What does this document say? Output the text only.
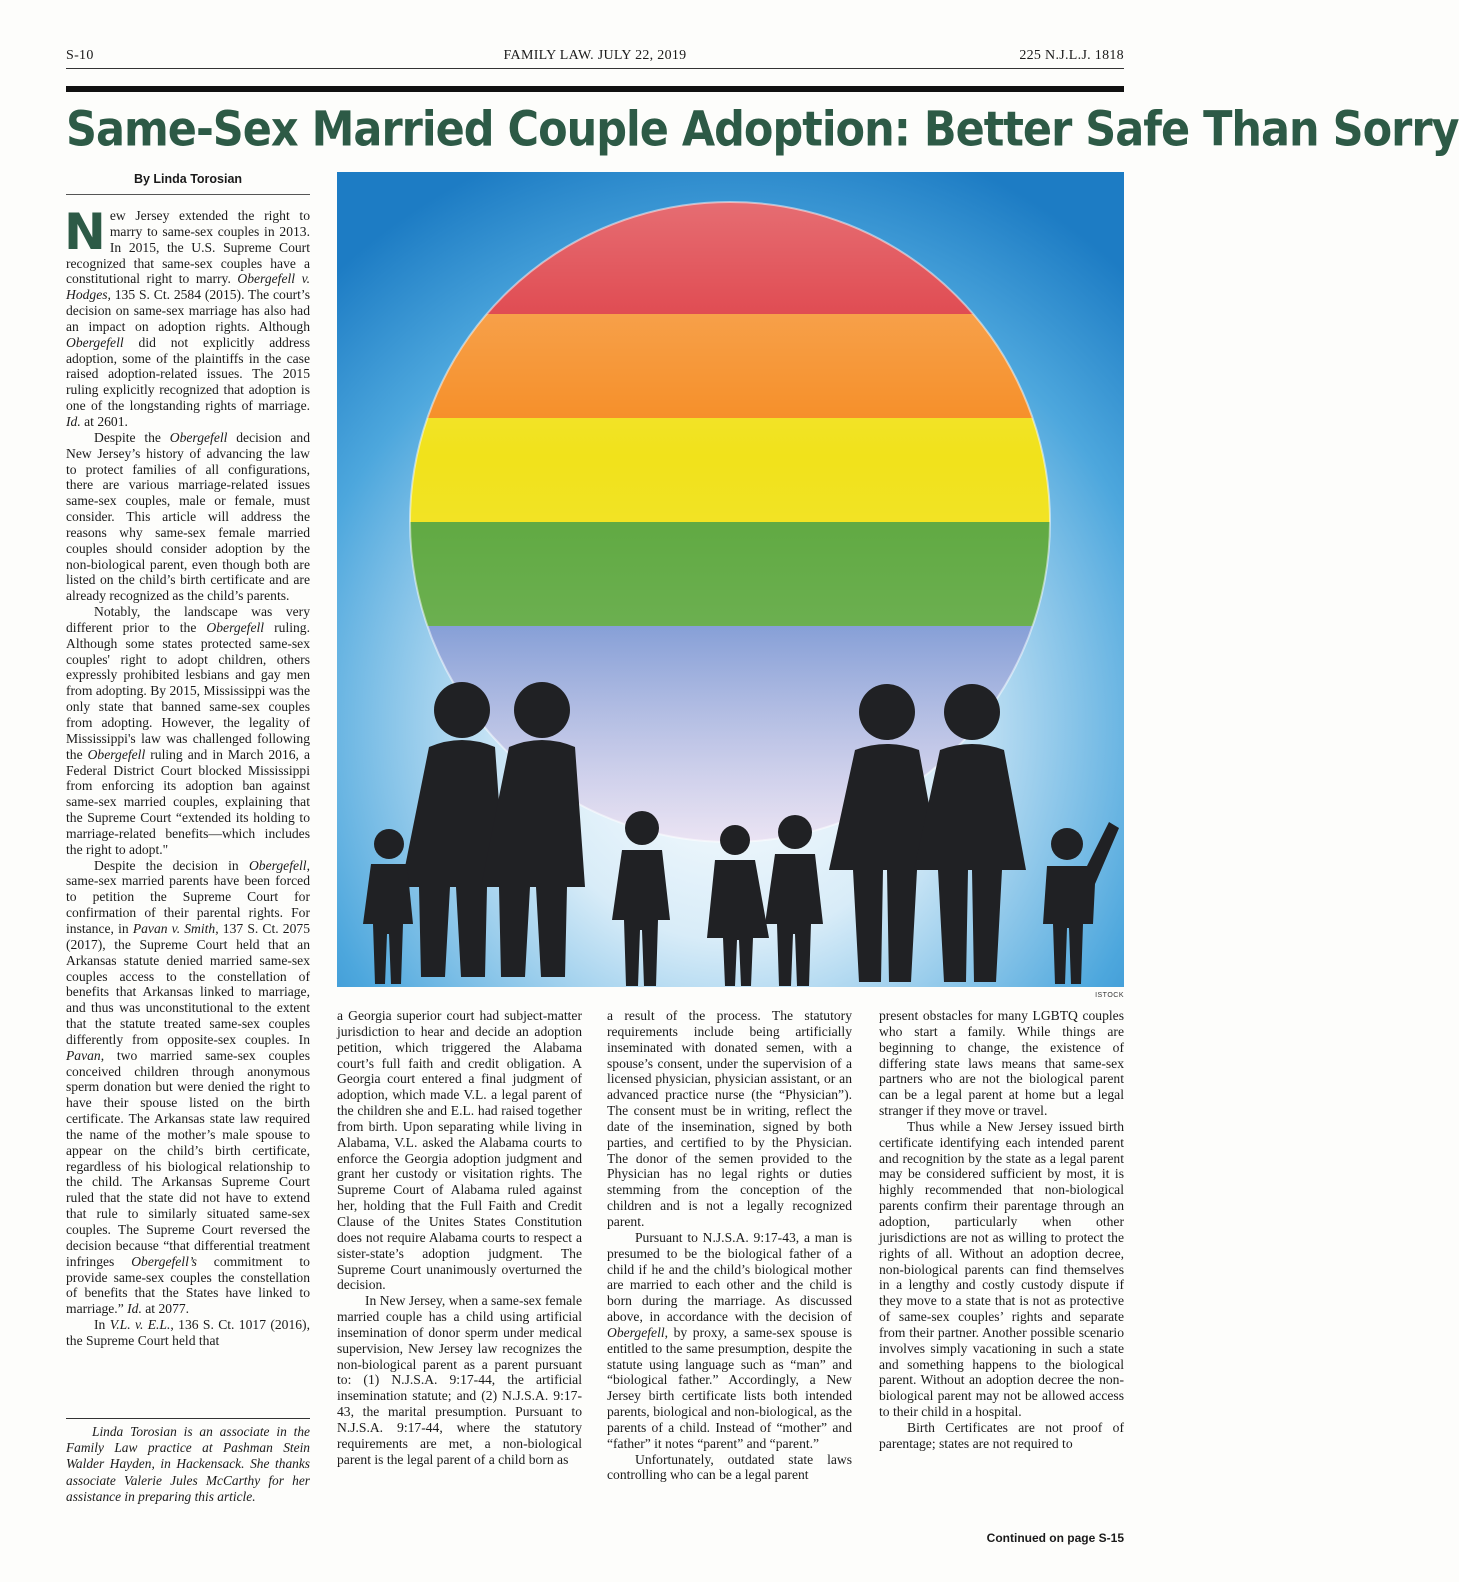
S-10	FAMILY LAW. JULY 22, 2019	225 N.J.L.J. 1818
Same-Sex Married Couple Adoption: Better Safe Than Sorry
By Linda Torosian

New Jersey extended the right to marry to same-sex couples in 2013. In 2015, the U.S. Supreme Court recognized that same-sex couples have a constitutional right to marry. Obergefell v. Hodges, 135 S. Ct. 2584 (2015). The court’s decision on same-sex marriage has also had an impact on adoption rights. Although Obergefell did not explicitly address adoption, some of the plaintiffs in the case raised adoption-related issues. The 2015 ruling explicitly recognized that adoption is one of the longstanding rights of marriage. Id. at 2601.

Despite the Obergefell decision and New Jersey’s history of advancing the law to protect families of all configurations, there are various marriage-related issues same-sex couples, male or female, must consider. This article will address the reasons why same-sex female married couples should consider adoption by the non-biological parent, even though both are listed on the child’s birth certificate and are already recognized as the child’s parents.

Notably, the landscape was very different prior to the Obergefell ruling. Although some states protected same-sex couples' right to adopt children, others expressly prohibited lesbians and gay men from adopting. By 2015, Mississippi was the only state that banned same-sex couples from adopting. However, the legality of Mississippi's law was challenged following the Obergefell ruling and in March 2016, a Federal District Court blocked Mississippi from enforcing its adoption ban against same-sex married couples, explaining that the Supreme Court “extended its holding to marriage-related benefits—which includes the right to adopt."

Despite the decision in Obergefell, same-sex married parents have been forced to petition the Supreme Court for confirmation of their parental rights. For instance, in Pavan v. Smith, 137 S. Ct. 2075 (2017), the Supreme Court held that an Arkansas statute denied married same-sex couples access to the constellation of benefits that Arkansas linked to marriage, and thus was unconstitutional to the extent that the statute treated same-sex couples differently from opposite-sex couples. In Pavan, two married same-sex couples conceived children through anonymous sperm donation but were denied the right to have their spouse listed on the birth certificate. The Arkansas state law required the name of the mother’s male spouse to appear on the child’s birth certificate, regardless of his biological relationship to the child. The Arkansas Supreme Court ruled that the state did not have to extend that rule to similarly situated same-sex couples. The Supreme Court reversed the decision because “that differential treatment infringes Obergefell’s commitment to provide same-sex couples the constellation of benefits that the States have linked to marriage.” Id. at 2077.

In V.L. v. E.L., 136 S. Ct. 1017 (2016), the Supreme Court held that

Linda Torosian is an associate in the Family Law practice at Pashman Stein Walder Hayden, in Hackensack. She thanks associate Valerie Jules McCarthy for her assistance in preparing this article.

ISTOCK

a Georgia superior court had subject-matter jurisdiction to hear and decide an adoption petition, which triggered the Alabama court’s full faith and credit obligation. A Georgia court entered a final judgment of adoption, which made V.L. a legal parent of the children she and E.L. had raised together from birth. Upon separating while living in Alabama, V.L. asked the Alabama courts to enforce the Georgia adoption judgment and grant her custody or visitation rights. The Supreme Court of Alabama ruled against her, holding that the Full Faith and Credit Clause of the Unites States Constitution does not require Alabama courts to respect a sister-state’s adoption judgment. The Supreme Court unanimously overturned the decision.

In New Jersey, when a same-sex female married couple has a child using artificial insemination of donor sperm under medical supervision, New Jersey law recognizes the non-biological parent as a parent pursuant to: (1) N.J.S.A. 9:17-44, the artificial insemination statute; and (2) N.J.S.A. 9:17-43, the marital presumption. Pursuant to N.J.S.A. 9:17-44, where the statutory requirements are met, a non-biological parent is the legal parent of a child born as

a result of the process. The statutory requirements include being artificially inseminated with donated semen, with a spouse’s consent, under the supervision of a licensed physician, physician assistant, or an advanced practice nurse (the “Physician”). The consent must be in writing, reflect the date of the insemination, signed by both parties, and certified to by the Physician. The donor of the semen provided to the Physician has no legal rights or duties stemming from the conception of the children and is not a legally recognized parent.

Pursuant to N.J.S.A. 9:17-43, a man is presumed to be the biological father of a child if he and the child’s biological mother are married to each other and the child is born during the marriage. As discussed above, in accordance with the decision of Obergefell, by proxy, a same-sex spouse is entitled to the same presumption, despite the statute using language such as “man” and “biological father.” Accordingly, a New Jersey birth certificate lists both intended parents, biological and non-biological, as the parents of a child. Instead of “mother” and “father” it notes “parent” and “parent.”

Unfortunately, outdated state laws controlling who can be a legal parent

present obstacles for many LGBTQ couples who start a family. While things are beginning to change, the existence of differing state laws means that same-sex partners who are not the biological parent can be a legal parent at home but a legal stranger if they move or travel.

Thus while a New Jersey issued birth certificate identifying each intended parent and recognition by the state as a legal parent may be considered sufficient by most, it is highly recommended that non-biological parents confirm their parentage through an adoption, particularly when other jurisdictions are not as willing to protect the rights of all. Without an adoption decree, non-biological parents can find themselves in a lengthy and costly custody dispute if they move to a state that is not as protective of same-sex couples’ rights and separate from their partner. Another possible scenario involves simply vacationing in such a state and something happens to the biological parent. Without an adoption decree the non-biological parent may not be allowed access to their child in a hospital.

Birth Certificates are not proof of parentage; states are not required to

Continued on page S-15
